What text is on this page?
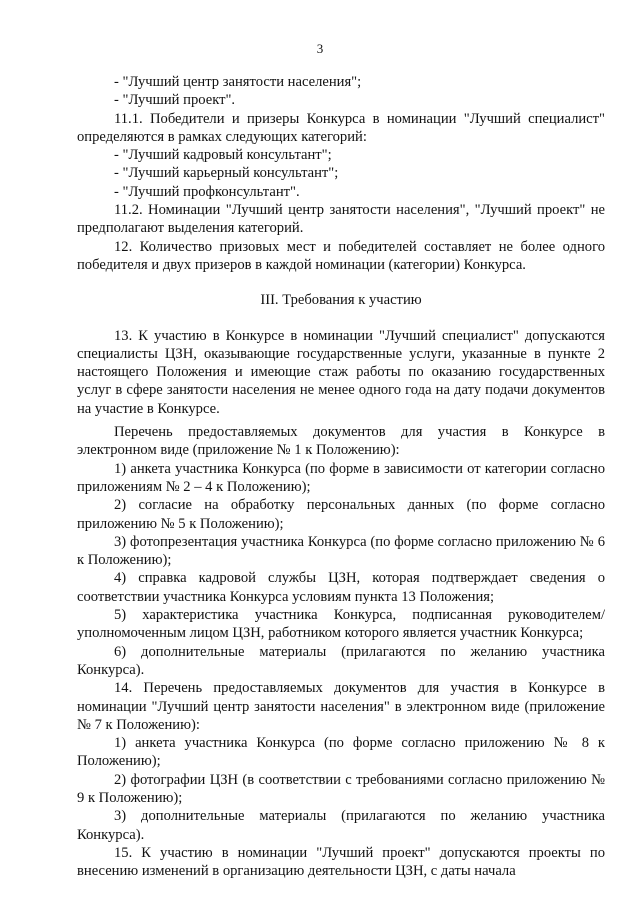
3

- "Лучший центр занятости населения";

- "Лучший проект".

11.1. Победители и призеры Конкурса в номинации "Лучший специалист" определяются в рамках следующих категорий:

- "Лучший кадровый консультант";

- "Лучший карьерный консультант";

- "Лучший профконсультант".

11.2. Номинации "Лучший центр занятости населения", "Лучший проект" не предполагают выделения категорий.

12. Количество призовых мест и победителей составляет не более одного победителя и двух призеров в каждой номинации (категории) Конкурса.

III. Требования к участию

13. К участию в Конкурсе в номинации "Лучший специалист" допускаются специалисты ЦЗН, оказывающие государственные услуги, указанные в пункте 2 настоящего Положения и имеющие стаж работы по оказанию государственных услуг в сфере занятости населения не менее одного года на дату подачи документов на участие в Конкурсе.

Перечень предоставляемых документов для участия в Конкурсе в электронном виде (приложение № 1 к Положению):

1) анкета участника Конкурса (по форме в зависимости от категории согласно приложениям № 2 – 4 к Положению);

2) согласие на обработку персональных данных (по форме согласно приложению № 5 к Положению);

3) фотопрезентация участника Конкурса (по форме согласно приложению № 6 к Положению);

4) справка кадровой службы ЦЗН, которая подтверждает сведения о соответствии участника Конкурса условиям пункта 13 Положения;

5) характеристика участника Конкурса, подписанная руководителем/уполномоченным лицом ЦЗН, работником которого является участник Конкурса;

6) дополнительные материалы (прилагаются по желанию участника Конкурса).

14. Перечень предоставляемых документов для участия в Конкурсе в номинации "Лучший центр занятости населения" в электронном виде (приложение № 7 к Положению):

1) анкета участника Конкурса (по форме согласно приложению № 8 к Положению);

2) фотографии ЦЗН (в соответствии с требованиями согласно приложению № 9 к Положению);

3) дополнительные материалы (прилагаются по желанию участника Конкурса).

15. К участию в номинации "Лучший проект" допускаются проекты по внесению изменений в организацию деятельности ЦЗН, с даты начала
